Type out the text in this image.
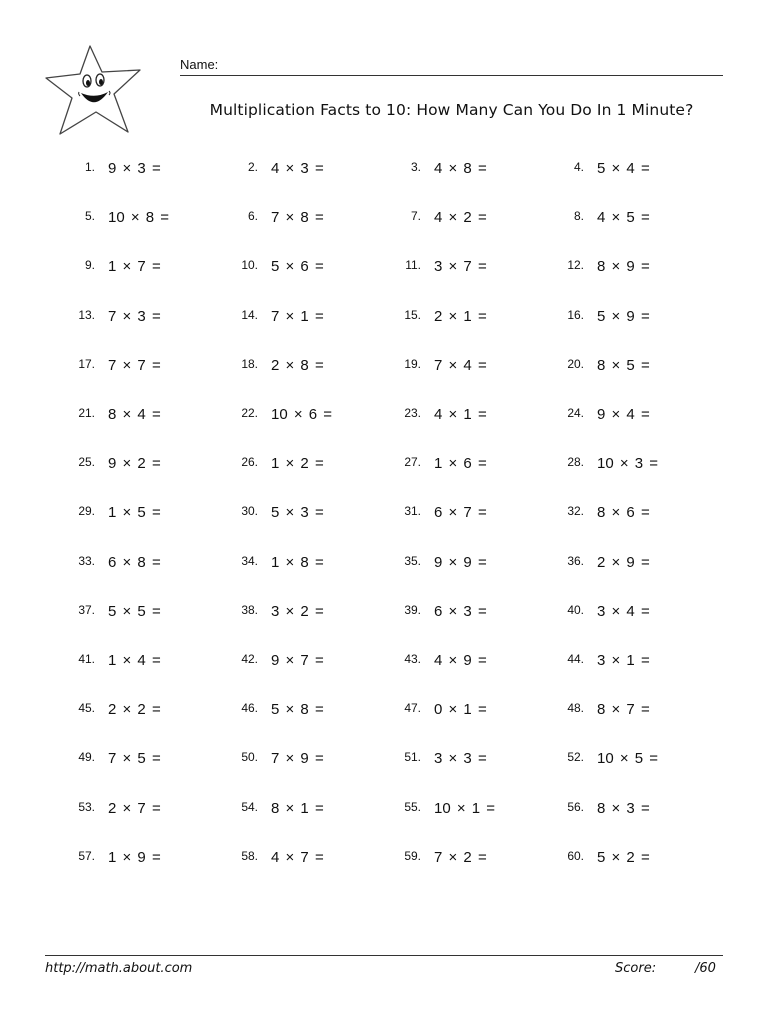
Name:
Multiplication Facts to 10: How Many Can You Do In 1 Minute?
1. 9 × 3 =	2. 4 × 3 =	3. 4 × 8 =	4. 5 × 4 =
5. 10 × 8 =	6. 7 × 8 =	7. 4 × 2 =	8. 4 × 5 =
9. 1 × 7 =	10. 5 × 6 =	11. 3 × 7 =	12. 8 × 9 =
13. 7 × 3 =	14. 7 × 1 =	15. 2 × 1 =	16. 5 × 9 =
17. 7 × 7 =	18. 2 × 8 =	19. 7 × 4 =	20. 8 × 5 =
21. 8 × 4 =	22. 10 × 6 =	23. 4 × 1 =	24. 9 × 4 =
25. 9 × 2 =	26. 1 × 2 =	27. 1 × 6 =	28. 10 × 3 =
29. 1 × 5 =	30. 5 × 3 =	31. 6 × 7 =	32. 8 × 6 =
33. 6 × 8 =	34. 1 × 8 =	35. 9 × 9 =	36. 2 × 9 =
37. 5 × 5 =	38. 3 × 2 =	39. 6 × 3 =	40. 3 × 4 =
41. 1 × 4 =	42. 9 × 7 =	43. 4 × 9 =	44. 3 × 1 =
45. 2 × 2 =	46. 5 × 8 =	47. 0 × 1 =	48. 8 × 7 =
49. 7 × 5 =	50. 7 × 9 =	51. 3 × 3 =	52. 10 × 5 =
53. 2 × 7 =	54. 8 × 1 =	55. 10 × 1 =	56. 8 × 3 =
57. 1 × 9 =	58. 4 × 7 =	59. 7 × 2 =	60. 5 × 2 =
http://math.about.com	Score:	/60
